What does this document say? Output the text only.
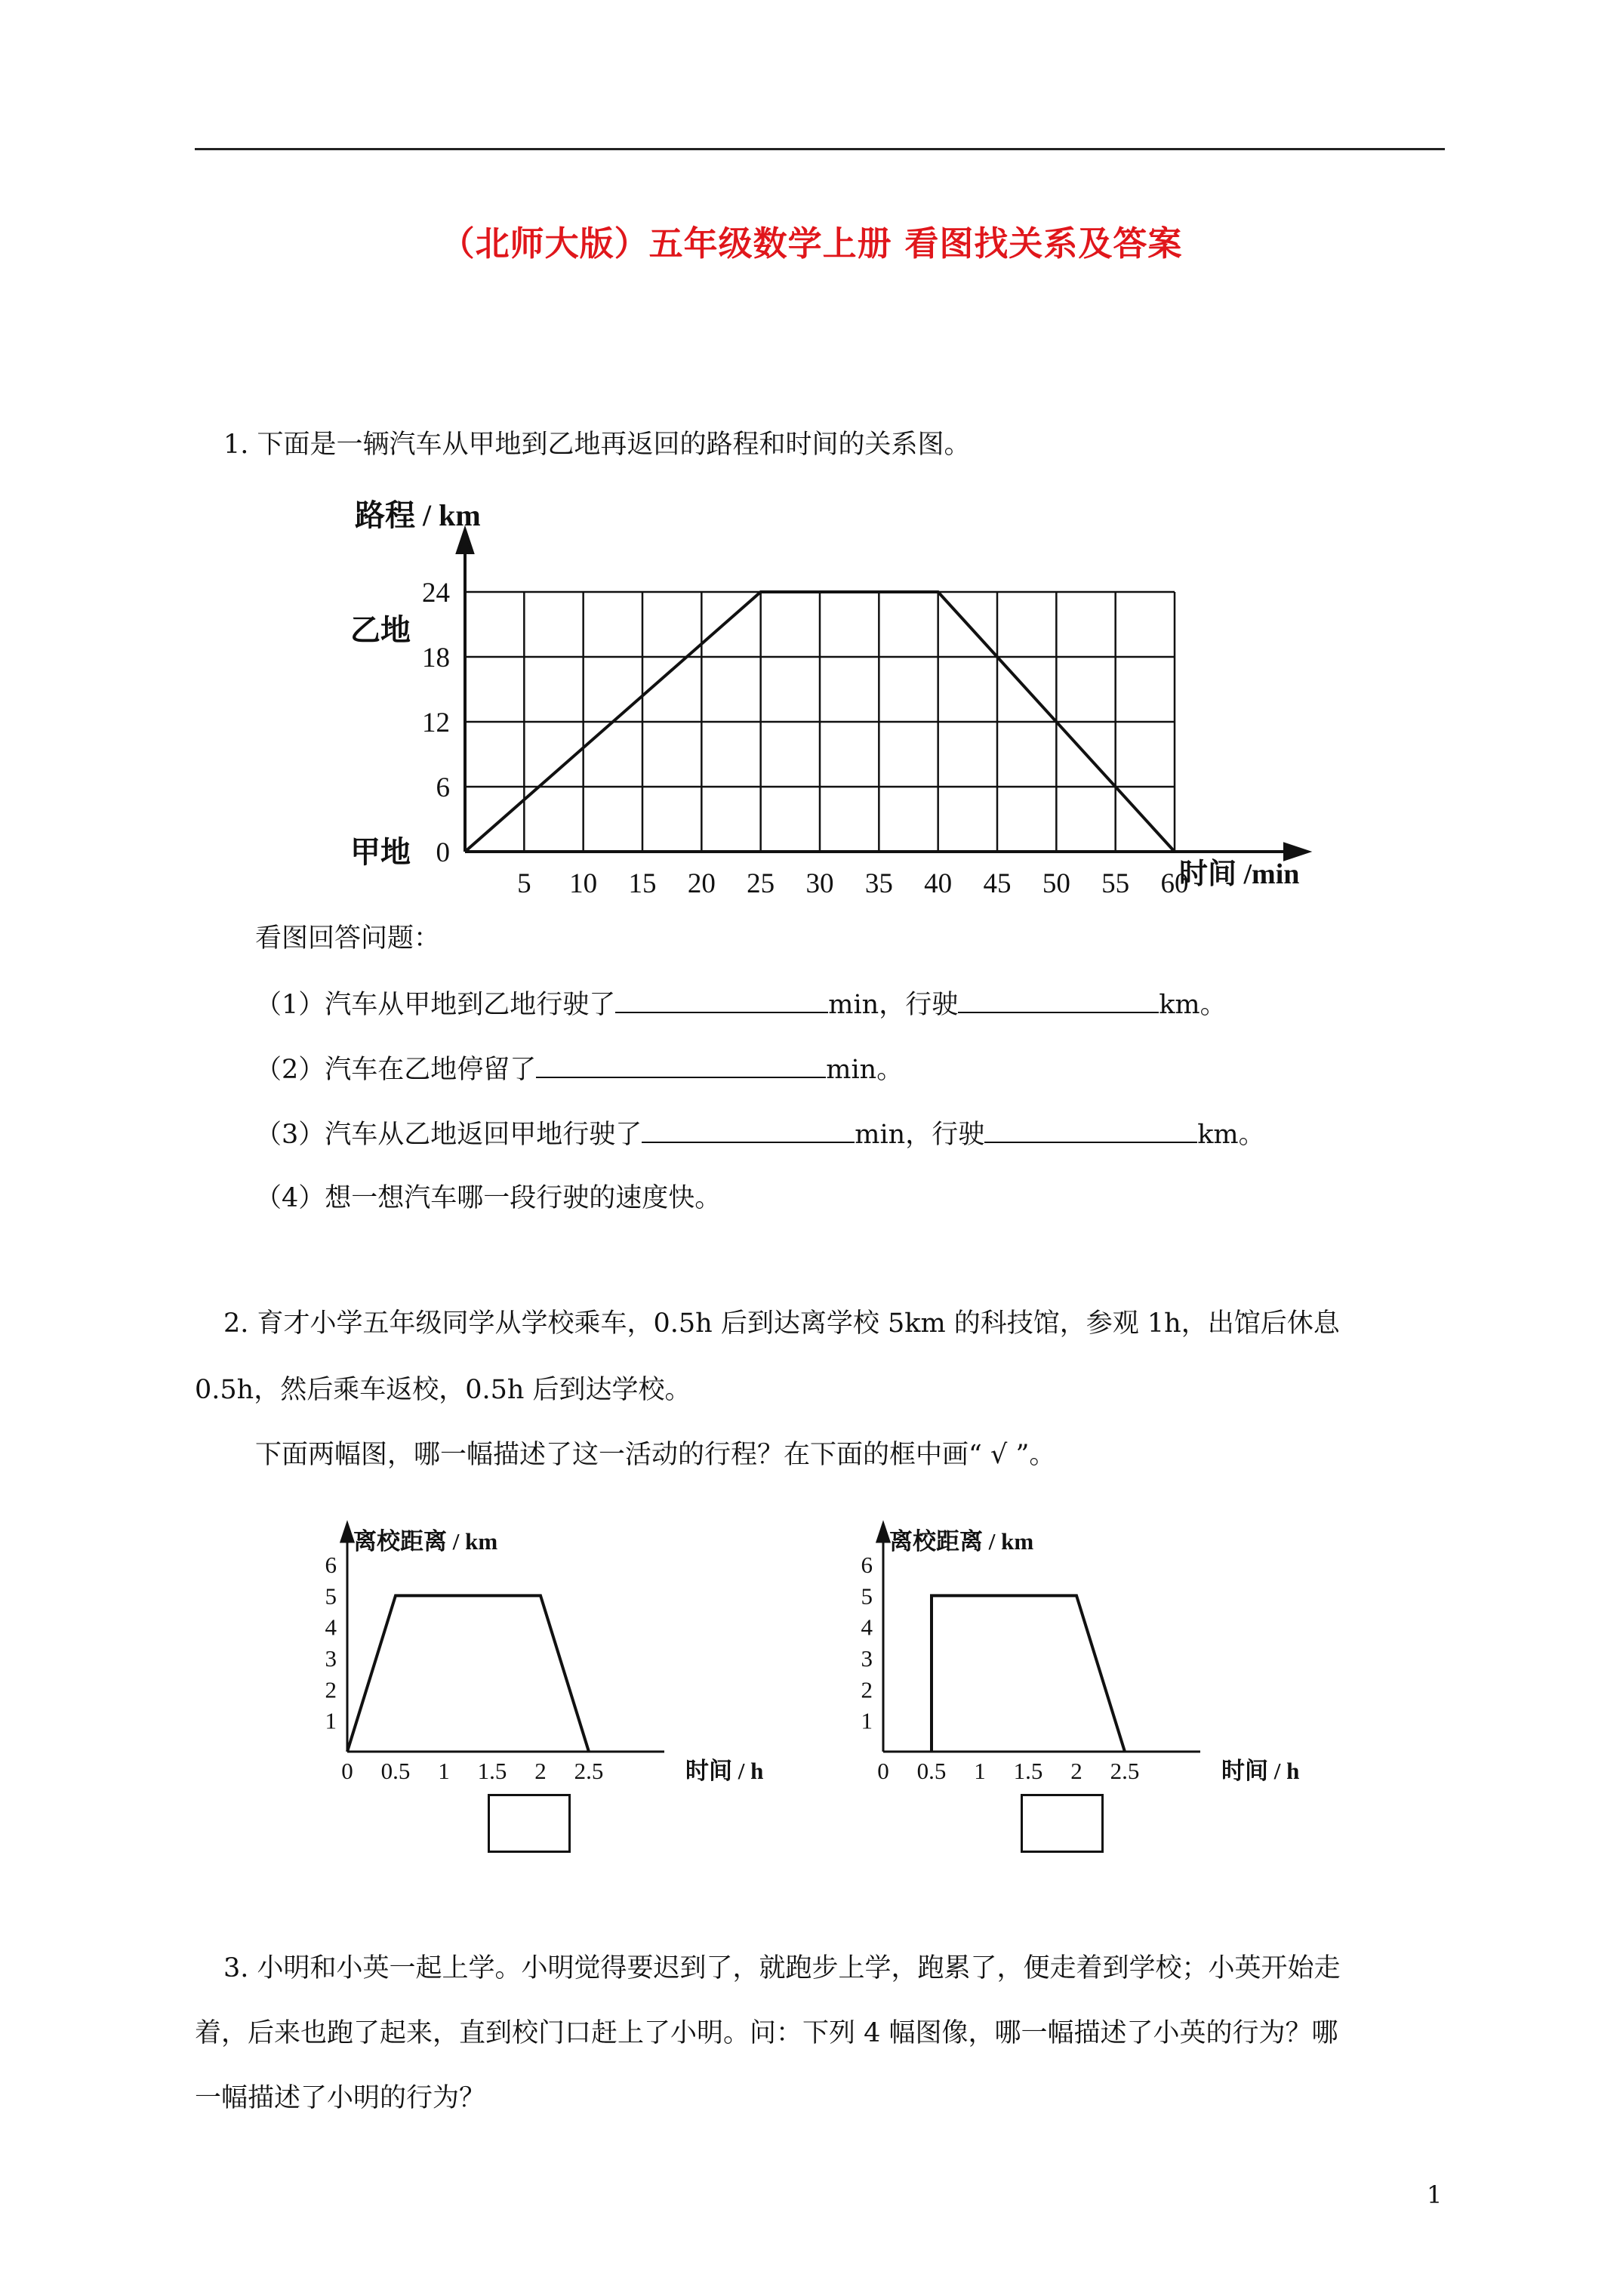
（北师大版）五年级数学上册 看图找关系及答案
1. 下面是一辆汽车从甲地到乙地再返回的路程和时间的关系图。
5 10 15 20 25 30 35 40 45 50 55 60
0
6
12
18
24
路程 / km
时间 /min
乙地
甲地
看图回答问题：
（1）汽车从甲地到乙地行驶了	min，行驶	km。
（2）汽车在乙地停留了	min。
（3）汽车从乙地返回甲地行驶了	min，行驶	km。
（4）想一想汽车哪一段行驶的速度快。
2. 育才小学五年级同学从学校乘车，0.5h 后到达离学校 5km 的科技馆，参观 1h，出馆后休息
0.5h，然后乘车返校，0.5h 后到达学校。
下面两幅图，哪一幅描述了这一活动的行程？在下面的框中画“ √ ”。
0 0.5 1 1.5 2 2.5
1
2
3
4
5
6
离校距离 / km
时间 / h	0 0.5 1 1.5 2 2.5
1
2
3
4
5
6
离校距离 / km
时间 / h
3. 小明和小英一起上学。小明觉得要迟到了，就跑步上学，跑累了，便走着到学校；小英开始走
着，后来也跑了起来，直到校门口赶上了小明。问：下列 4 幅图像，哪一幅描述了小英的行为？哪
一幅描述了小明的行为？
1
